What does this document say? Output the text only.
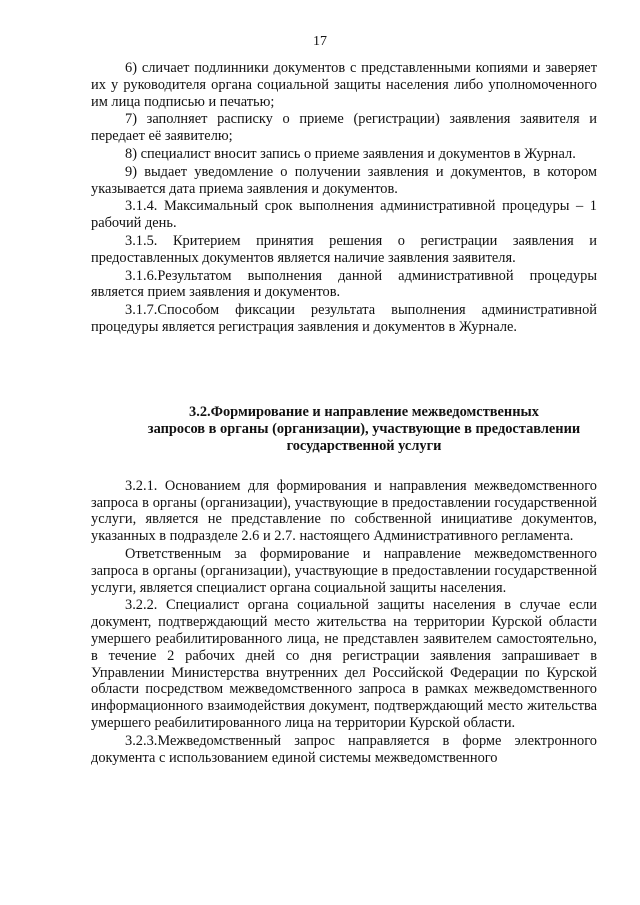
17

6) сличает подлинники документов с представленными копиями и заверяет их у руководителя органа социальной защиты населения либо уполномоченного им лица подписью и печатью;

7) заполняет расписку о приеме (регистрации) заявления заявителя и передает её заявителю;

8) специалист вносит запись о приеме заявления и документов в Журнал.

9) выдает уведомление о получении заявления и документов, в котором указывается дата приема заявления и документов.

3.1.4. Максимальный срок выполнения административной процедуры – 1 рабочий день.

3.1.5. Критерием принятия решения о регистрации заявления и предоставленных документов является наличие заявления заявителя.

3.1.6.Результатом выполнения данной административной процедуры является прием заявления и документов.

3.1.7.Способом фиксации результата выполнения административной процедуры является регистрация заявления и документов в Журнале.

3.2.Формирование и направление межведомственных
запросов в органы (организации), участвующие в предоставлении
государственной услуги

3.2.1. Основанием для формирования и направления межведомственного запроса в органы (организации), участвующие в предоставлении государственной услуги, является не представление по собственной инициативе документов, указанных в подразделе 2.6 и 2.7. настоящего Административного регламента.

Ответственным за формирование и направление межведомственного запроса в органы (организации), участвующие в предоставлении государственной услуги, является специалист органа социальной защиты населения.

3.2.2. Специалист органа социальной защиты населения в случае если документ, подтверждающий место жительства на территории Курской области умершего реабилитированного лица, не представлен заявителем самостоятельно, в течение 2 рабочих дней со дня регистрации заявления запрашивает в Управлении Министерства внутренних дел Российской Федерации по Курской области посредством межведомственного запроса в рамках межведомственного информационного взаимодействия документ, подтверждающий место жительства умершего реабилитированного лица на территории Курской области.

3.2.3.Межведомственный запрос направляется в форме электронного документа с использованием единой системы межведомственного
